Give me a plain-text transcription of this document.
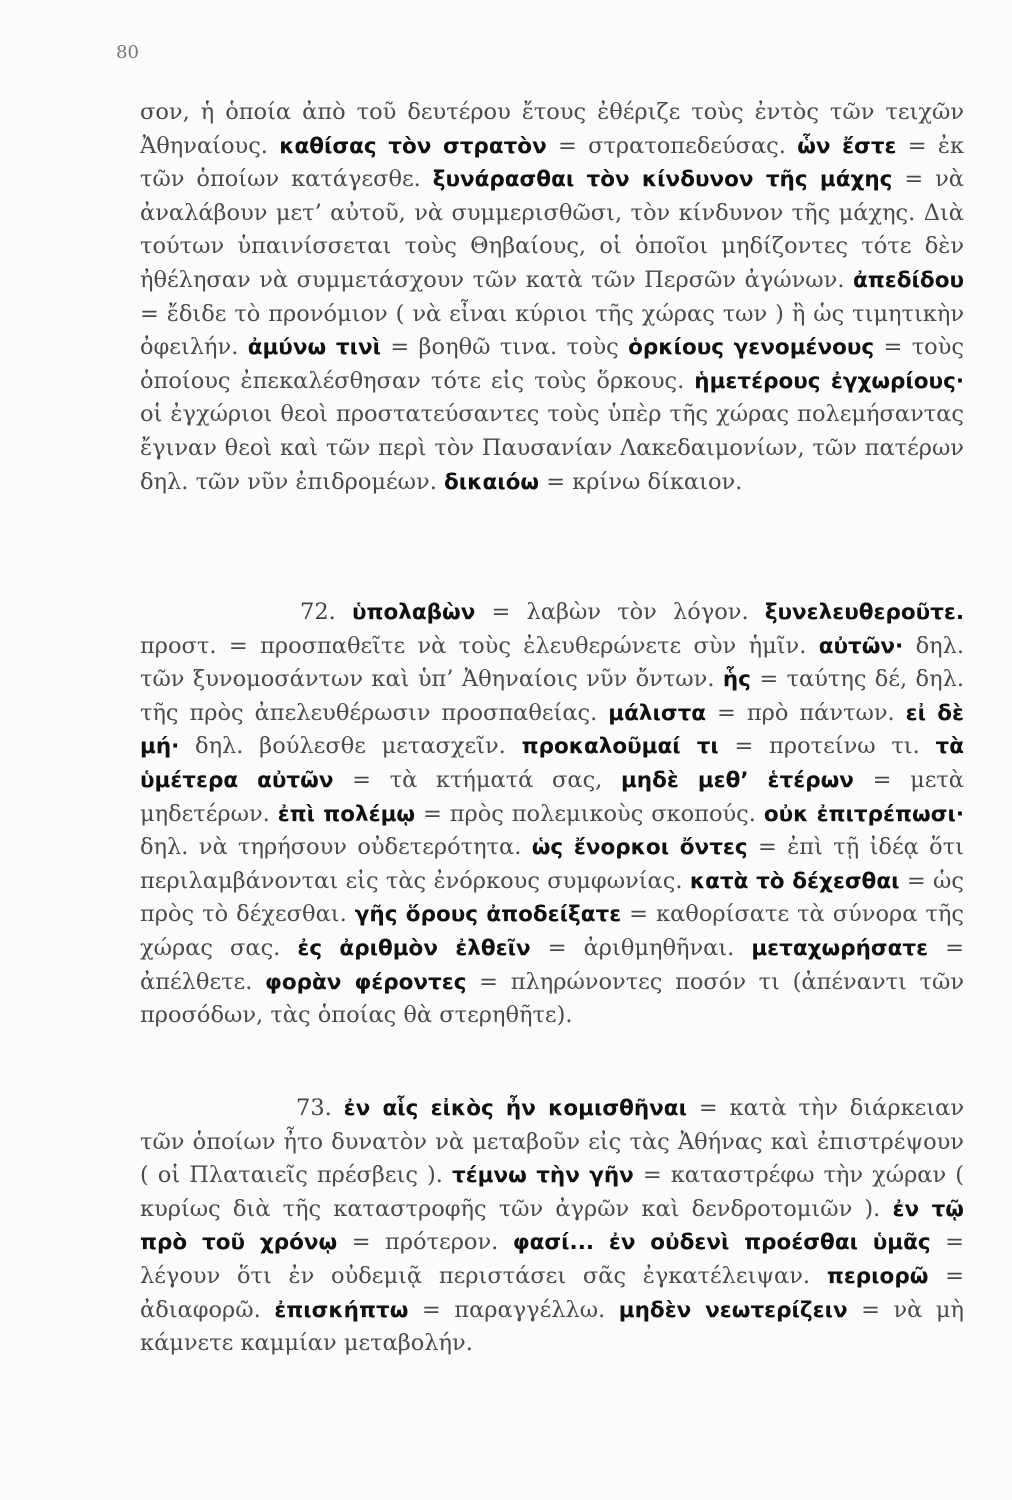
80

σον, ἡ ὁποία ἀπὸ τοῦ δευτέρου ἔτους ἐθέριζε τοὺς ἐντὸς τῶν τειχῶν Ἀθηναίους. καθίσας τὸν στρατὸν = στρατοπεδεύσας. ὧν ἔστε = ἐκ τῶν ὁποίων κατάγεσθε. ξυνάρασθαι τὸν κίνδυνον τῆς μάχης = νὰ ἀναλάβουν μετ’ αὐτοῦ, νὰ συμμερισθῶσι, τὸν κίνδυνον τῆς μάχης. Διὰ τούτων ὑπαινίσσεται τοὺς Θηβαίους, οἱ ὁποῖοι μηδίζοντες τότε δὲν ἠθέλησαν νὰ συμμετάσχουν τῶν κατὰ τῶν Περσῶν ἀγώνων. ἀπεδίδου = ἔδιδε τὸ προνόμιον ( νὰ εἶναι κύριοι τῆς χώρας των ) ἢ ὡς τιμητικὴν ὀφειλήν. ἀμύνω τινὶ = βοηθῶ τινα. τοὺς ὁρκίους γενομένους = τοὺς ὁποίους ἐπεκαλέσθησαν τότε εἰς τοὺς ὅρκους. ἡμετέρους ἐγχωρίους· οἱ ἐγχώριοι θεοὶ προστατεύσαντες τοὺς ὑπὲρ τῆς χώρας πολεμήσαντας ἔγιναν θεοὶ καὶ τῶν περὶ τὸν Παυσανίαν Λακεδαιμονίων, τῶν πατέρων δηλ. τῶν νῦν ἐπιδρομέων. δικαιόω = κρίνω δίκαιον.

72. ὑπολαβὼν = λαβὼν τὸν λόγον. ξυνελευθεροῦτε. προστ. = προσπαθεῖτε νὰ τοὺς ἐλευθερώνετε σὺν ἡμῖν. αὐτῶν· δηλ. τῶν ξυνομοσάντων καὶ ὑπ’ Ἀθηναίοις νῦν ὄντων. ἧς = ταύτης δέ, δηλ. τῆς πρὸς ἀπελευθέρωσιν προσπαθείας. μάλιστα = πρὸ πάντων. εἰ δὲ μή· δηλ. βούλεσθε μετασχεῖν. προκαλοῦμαί τι = προτείνω τι. τὰ ὑμέτερα αὐτῶν = τὰ κτήματά σας, μηδὲ μεθ’ ἑτέρων = μετὰ μηδετέρων. ἐπὶ πολέμῳ = πρὸς πολεμικοὺς σκοπούς. οὐκ ἐπιτρέπωσι· δηλ. νὰ τηρήσουν οὐδετερότητα. ὡς ἔνορκοι ὄντες = ἐπὶ τῇ ἰδέᾳ ὅτι περιλαμβάνονται εἰς τὰς ἐνόρκους συμφωνίας. κατὰ τὸ δέχεσθαι = ὡς πρὸς τὸ δέχεσθαι. γῆς ὅρους ἀποδείξατε = καθορίσατε τὰ σύνορα τῆς χώρας σας. ἐς ἀριθμὸν ἐλθεῖν = ἀριθμηθῆναι. μεταχωρήσατε = ἀπέλθετε. φορὰν φέροντες = πληρώνοντες ποσόν τι (ἀπέναντι τῶν προσόδων, τὰς ὁποίας θὰ στερηθῆτε).

73. ἐν αἷς εἰκὸς ἦν κομισθῆναι = κατὰ τὴν διάρκειαν τῶν ὁποίων ἦτο δυνατὸν νὰ μεταβοῦν εἰς τὰς Ἀθήνας καὶ ἐπιστρέψουν ( οἱ Πλαταιεῖς πρέσβεις ). τέμνω τὴν γῆν = καταστρέφω τὴν χώραν ( κυρίως διὰ τῆς καταστροφῆς τῶν ἀγρῶν καὶ δενδροτομιῶν ). ἐν τῷ πρὸ τοῦ χρόνῳ = πρότερον. φασί... ἐν οὐδενὶ προέσθαι ὑμᾶς = λέγουν ὅτι ἐν οὐδεμιᾷ περιστάσει σᾶς ἐγκατέλειψαν. περιορῶ = ἀδιαφορῶ. ἐπισκήπτω = παραγγέλλω. μηδὲν νεωτερίζειν = νὰ μὴ κάμνετε καμμίαν μεταβολήν.
